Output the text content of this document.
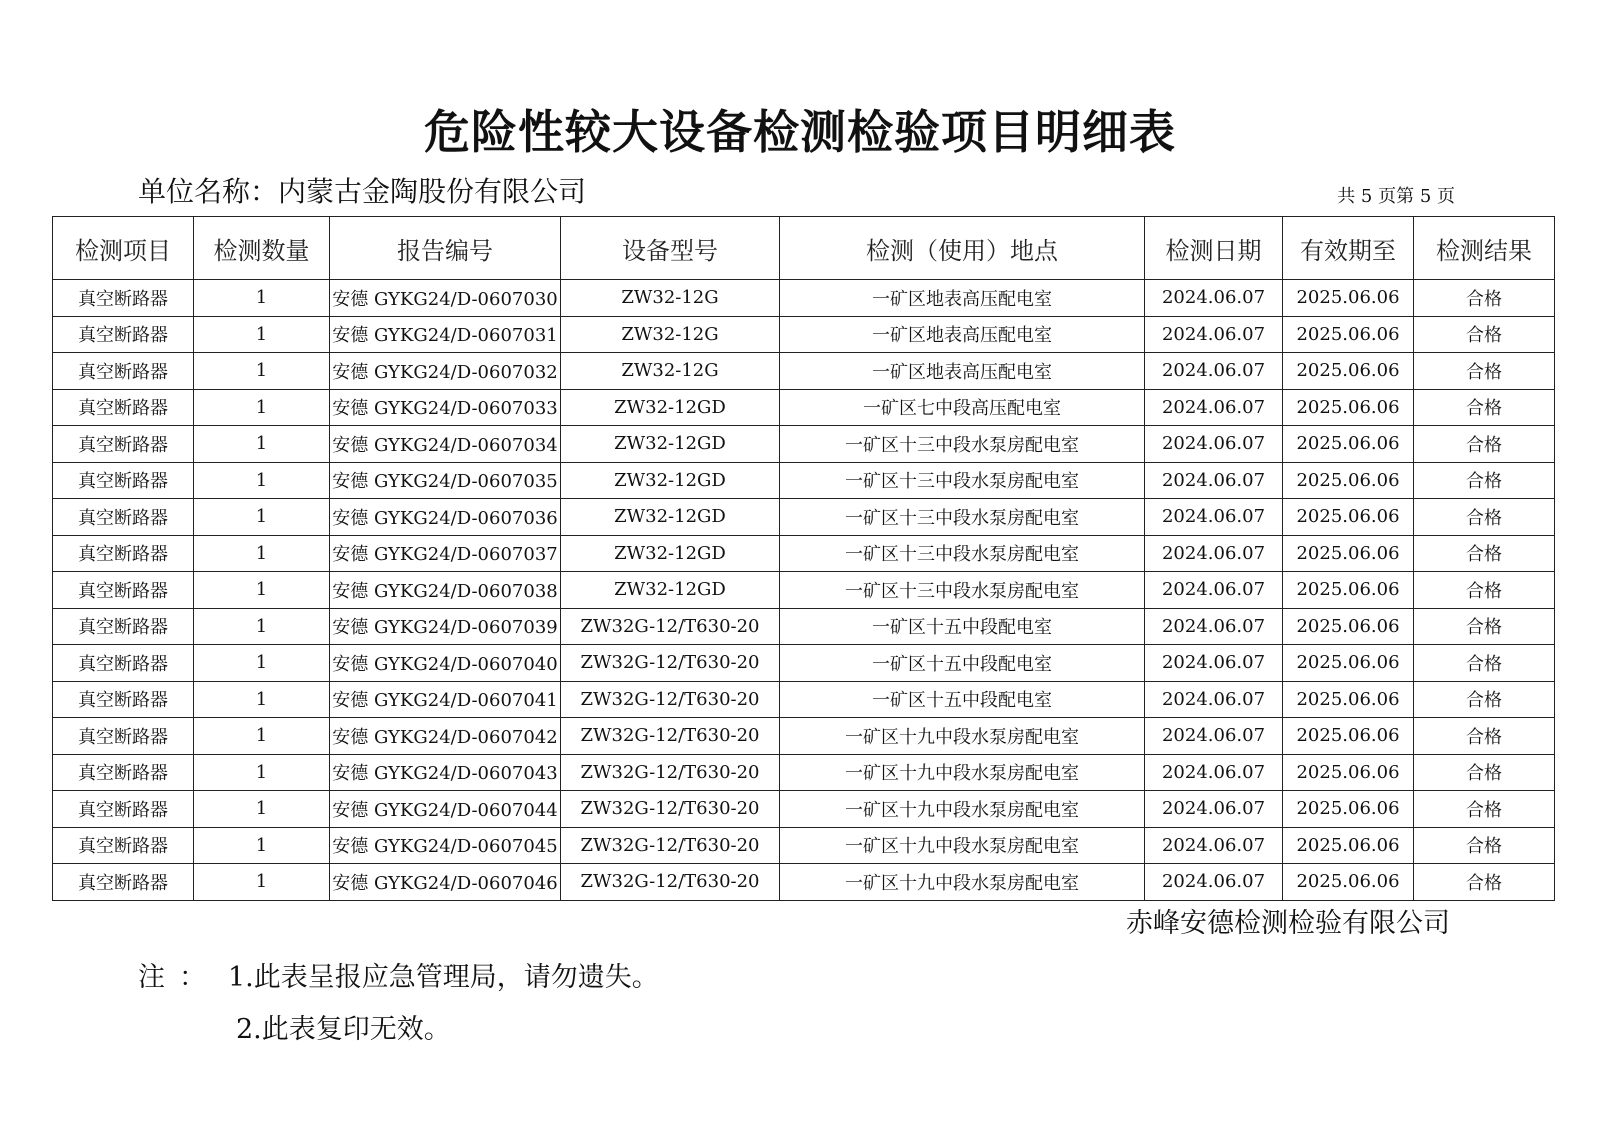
危险性较大设备检测检验项目明细表
单位名称：内蒙古金陶股份有限公司	共 5 页第 5 页
检测项目	检测数量	报告编号	设备型号	检测（使用）地点	检测日期	有效期至	检测结果
真空断路器	1	安德 GYKG24/D-0607030	ZW32-12G	一矿区地表高压配电室	2024.06.07	2025.06.06	合格
真空断路器	1	安德 GYKG24/D-0607031	ZW32-12G	一矿区地表高压配电室	2024.06.07	2025.06.06	合格
真空断路器	1	安德 GYKG24/D-0607032	ZW32-12G	一矿区地表高压配电室	2024.06.07	2025.06.06	合格
真空断路器	1	安德 GYKG24/D-0607033	ZW32-12GD	一矿区七中段高压配电室	2024.06.07	2025.06.06	合格
真空断路器	1	安德 GYKG24/D-0607034	ZW32-12GD	一矿区十三中段水泵房配电室	2024.06.07	2025.06.06	合格
真空断路器	1	安德 GYKG24/D-0607035	ZW32-12GD	一矿区十三中段水泵房配电室	2024.06.07	2025.06.06	合格
真空断路器	1	安德 GYKG24/D-0607036	ZW32-12GD	一矿区十三中段水泵房配电室	2024.06.07	2025.06.06	合格
真空断路器	1	安德 GYKG24/D-0607037	ZW32-12GD	一矿区十三中段水泵房配电室	2024.06.07	2025.06.06	合格
真空断路器	1	安德 GYKG24/D-0607038	ZW32-12GD	一矿区十三中段水泵房配电室	2024.06.07	2025.06.06	合格
真空断路器	1	安德 GYKG24/D-0607039	ZW32G-12/T630-20	一矿区十五中段配电室	2024.06.07	2025.06.06	合格
真空断路器	1	安德 GYKG24/D-0607040	ZW32G-12/T630-20	一矿区十五中段配电室	2024.06.07	2025.06.06	合格
真空断路器	1	安德 GYKG24/D-0607041	ZW32G-12/T630-20	一矿区十五中段配电室	2024.06.07	2025.06.06	合格
真空断路器	1	安德 GYKG24/D-0607042	ZW32G-12/T630-20	一矿区十九中段水泵房配电室	2024.06.07	2025.06.06	合格
真空断路器	1	安德 GYKG24/D-0607043	ZW32G-12/T630-20	一矿区十九中段水泵房配电室	2024.06.07	2025.06.06	合格
真空断路器	1	安德 GYKG24/D-0607044	ZW32G-12/T630-20	一矿区十九中段水泵房配电室	2024.06.07	2025.06.06	合格
真空断路器	1	安德 GYKG24/D-0607045	ZW32G-12/T630-20	一矿区十九中段水泵房配电室	2024.06.07	2025.06.06	合格
真空断路器	1	安德 GYKG24/D-0607046	ZW32G-12/T630-20	一矿区十九中段水泵房配电室	2024.06.07	2025.06.06	合格
赤峰安德检测检验有限公司
注： 1.此表呈报应急管理局，请勿遗失。
2.此表复印无效。
